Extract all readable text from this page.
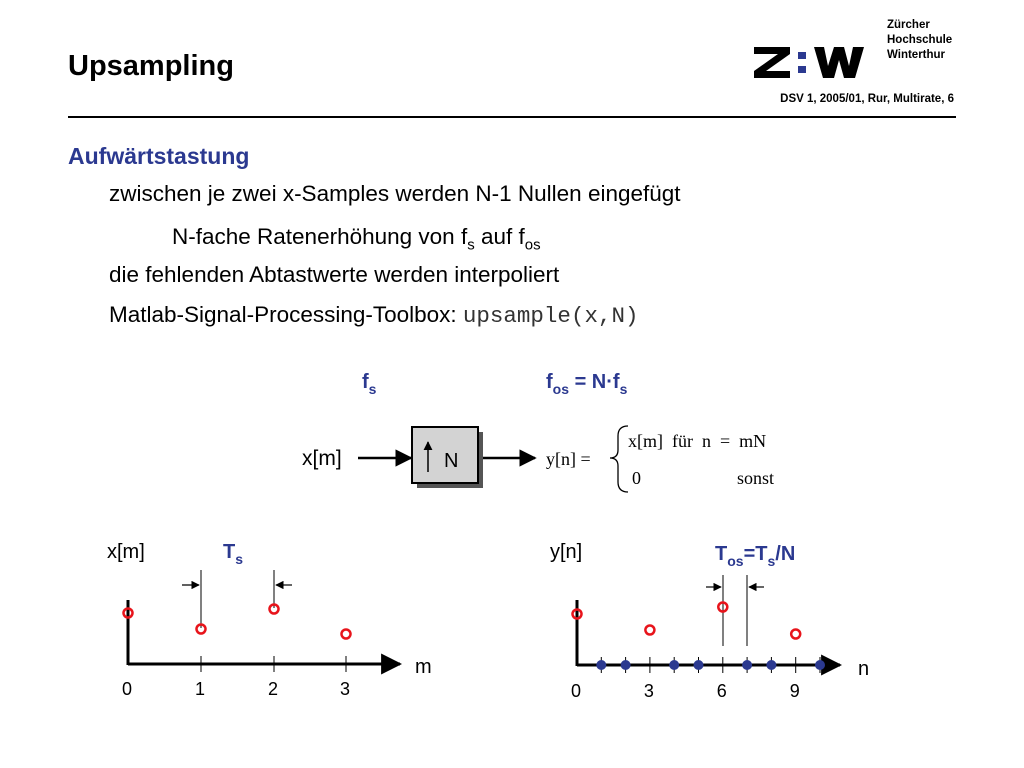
Upsampling
Zürcher
Hochschule
Winterthur
DSV 1, 2005/01, Rur, Multirate, 6
Aufwärtstastung
zwischen je zwei x-Samples werden N-1 Nullen eingefügt
N-fache Ratenerhöhung von $f_s$ auf $f_{os}$
die fehlenden Abtastwerte werden interpoliert
Matlab-Signal-Processing-Toolbox: upsample(x,N)
$f_s$	$f_{os} = N\cdot f_s$
x[m]	N	y[n] =
x[m]  für  n  =  mN
0	sonst
x[m]	$T_s$
m
0	1	2	3
y[n]	$T_{os}=T_s/N$
n
0	3	6	9
